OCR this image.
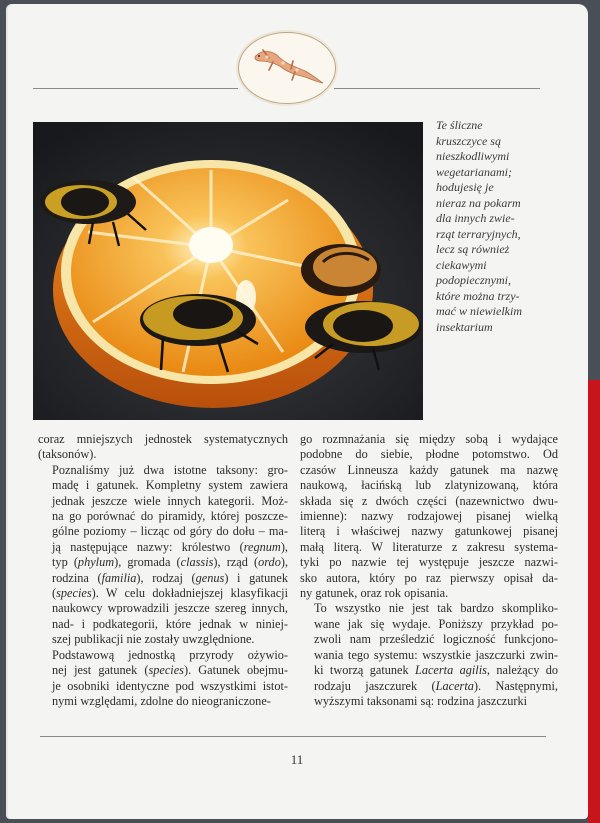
Te śliczne

kruszczyce są

nieszkodliwymi

wegetarianami;

hodujesię je

nieraz na pokarm

dla innych zwie-

rząt terraryjnych,

lecz są również

ciekawymi

podopiecznymi,

które można trzy-

mać w niewielkim

insektarium

coraz mniejszych jednostek systematycznych
(taksonów).

Poznaliśmy już dwa istotne taksony: gro-
madę i gatunek. Kompletny system zawiera
jednak jeszcze wiele innych kategorii. Moż-
na go porównać do piramidy, której poszcze-
gólne poziomy – licząc od góry do dołu – ma-
ją następujące nazwy: królestwo (regnum),
typ (phylum), gromada (classis), rząd (ordo),
rodzina (familia), rodzaj (genus) i gatunek
(species). W celu dokładniejszej klasyfikacji
naukowcy wprowadzili jeszcze szereg innych,
nad- i podkategorii, które jednak w niniej-
szej publikacji nie zostały uwzględnione.

Podstawową jednostką przyrody ożywio-
nej jest gatunek (species). Gatunek obejmu-
je osobniki identyczne pod wszystkimi istot-
nymi względami, zdolne do nieograniczone-

go rozmnażania się między sobą i wydające
podobne do siebie, płodne potomstwo. Od
czasów Linneusza każdy gatunek ma nazwę
naukową, łacińską lub zlatynizowaną, która
składa się z dwóch części (nazewnictwo dwu-
imienne): nazwy rodzajowej pisanej wielką
literą i właściwej nazwy gatunkowej pisanej
małą literą. W literaturze z zakresu systema-
tyki po nazwie tej występuje jeszcze nazwi-
sko autora, który po raz pierwszy opisał da-
ny gatunek, oraz rok opisania.

To wszystko nie jest tak bardzo skompliko-
wane jak się wydaje. Poniższy przykład po-
zwoli nam prześledzić logiczność funkcjono-
wania tego systemu: wszystkie jaszczurki zwin-
ki tworzą gatunek Lacerta agilis, należący do
rodzaju jaszczurek (Lacerta). Następnymi,
wyższymi taksonami są: rodzina jaszczurki

11
